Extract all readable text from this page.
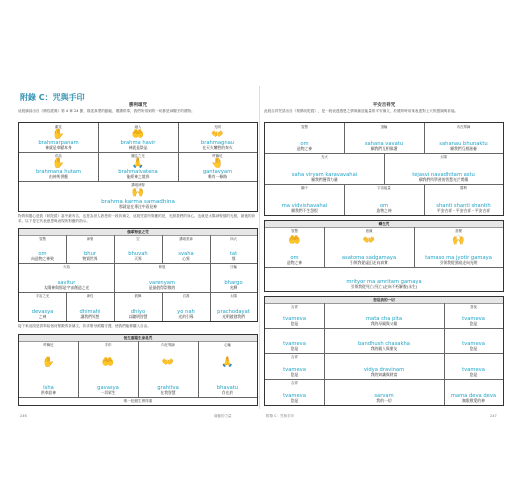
附錄 C：咒與手印
勝利頌咒
這段禱詞出自《佛性經典》第 4 章 24 節，描述真愛的動能，禮讚供奉，我們所得到的一切都是神賜予的禮物。
獻花
✋
brahmarpanam
神就是奉獻本身
融入
🤲
brahma havir
神就是祭品
光明
👐
brahmagnau
在天火犧牲的奉火
供品
✋
brahmana hutam
由神所供應
關注之光
🙏
brahmaivatena
能經神之境界
吽嘛尼
🤚
gantavyam
唯有一條路
讚頌神聖
🙌
brahma karma samadhina
那就是在專注中看見神
物質和靈心是我《吠陀經》當中最有名，也是為世人熟悉的一段祈禱文，這段咒語所對應的是，光照我們的身心，也就是太陽神聖德的光照，最後的祈求，以下是它代表意思與表現所對應的指示。
伽耶特里之咒
智慧
om
向造物之神致
神聖
bhur
物質世界
空
bhuvah
天界
讚頌美神
svaha
心界
四大
tat
那
火焰
savitur
太陽神與那是宇宙創造之光
伸展
varenyam
是最值得崇敬的
日輪
bhargo
光輝
宇宙之光
devasya
之神
神性
dhimahi
讓我們冥想
鼓舞
dhiyo
以聰明智慧
自我
yo nah
光的引導
太陽
prachodayat
光明啟發我們
接下來這段是供奉給恆河聖殿的祈禱文，祈求聖母照耀守護，使我們能修觀入自由。
恆生重題生命是咒
吽嘛尼
✋
Isha
供奉給神
手印
🤲
gavasya
一切眾生
內在導師
👐
grahitva
在我智慧
心輪
🙏
bhavatu
存在於
唯一犯錯生實得重
246	瑜伽的力量
平安吉祥咒
此段吉祥咒語出自《梨俱吠陀經》，是一段表達感恩之情與創造能量的平安禱文，於禮拜時用來表達對上天的感謝與祈福。
智慧
om
造物之神
頂輪
sahana vavatu
願我們互相保護
內在導師
sahanau bhunaktu
願我們互相滋養
光火
saha viryam karavavahai
願我們獲得力量
太陽
tejasvi navadhitam astu
願我們所學習的智慧光芒閃耀
獅子
ma vidvishavahai
願我們不生怨恨
宇宙能量
om
造物之神
勝利
shanti shanti shantih
平安吉祥・平安吉祥・平安吉祥
轉生咒
智慧
🤲
om
造物之神
意識
👐
asatoma sadgamaya
引領我從虛幻走向真實
喜樂
🙌
tamaso ma jyotir gamaya
引領我從黑暗走向光明
mrityor ma amritam gamaya
引領我從死亡(死亡)走向不朽解脫(永生)
您是我的一切
吉祥
tvameva
您是
mata cha pita
我的母親與父親
喜悅
tvameva
您是
tvameva
您是
bandhush chasakha
我的親人與朋友
tvameva
您是
吉祥
tvameva
您是
vidya dravinam
我的知識與財富
tvameva
您是
吉祥
tvameva
您是
sarvam
我的一切
mama deva deva
無限敬愛的神
附錄 C：咒與手印	247
